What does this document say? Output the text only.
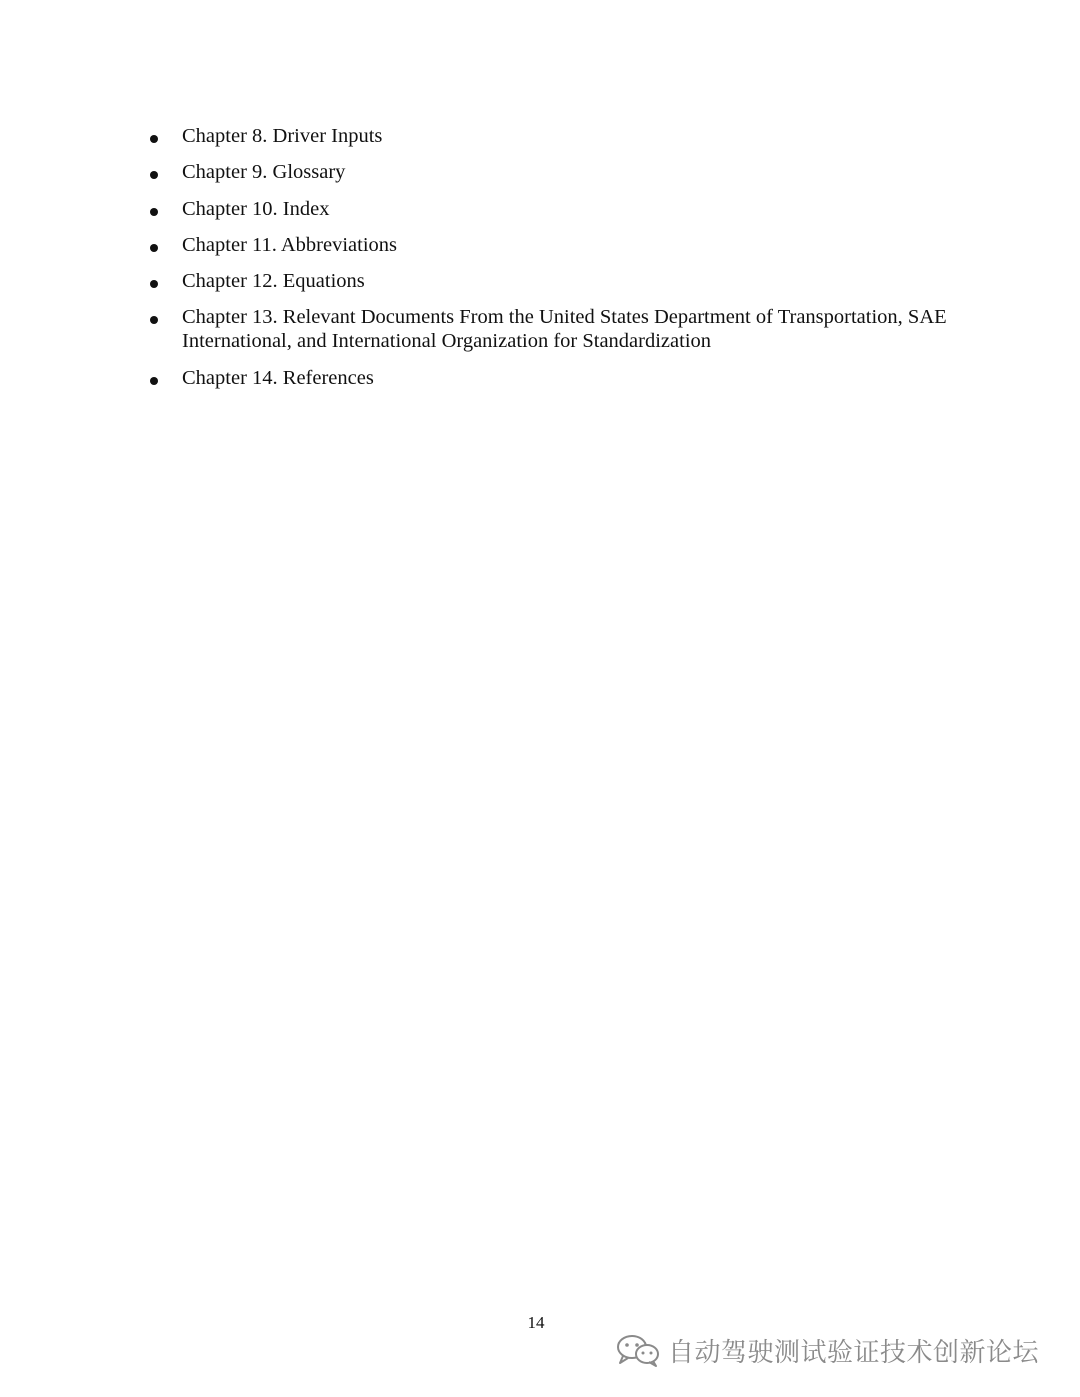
Chapter 8. Driver Inputs
Chapter 9. Glossary
Chapter 10. Index
Chapter 11. Abbreviations
Chapter 12. Equations
Chapter 13. Relevant Documents From the United States Department of Transportation, SAE International, and International Organization for Standardization
Chapter 14. References
14
自动驾驶测试验证技术创新论坛
